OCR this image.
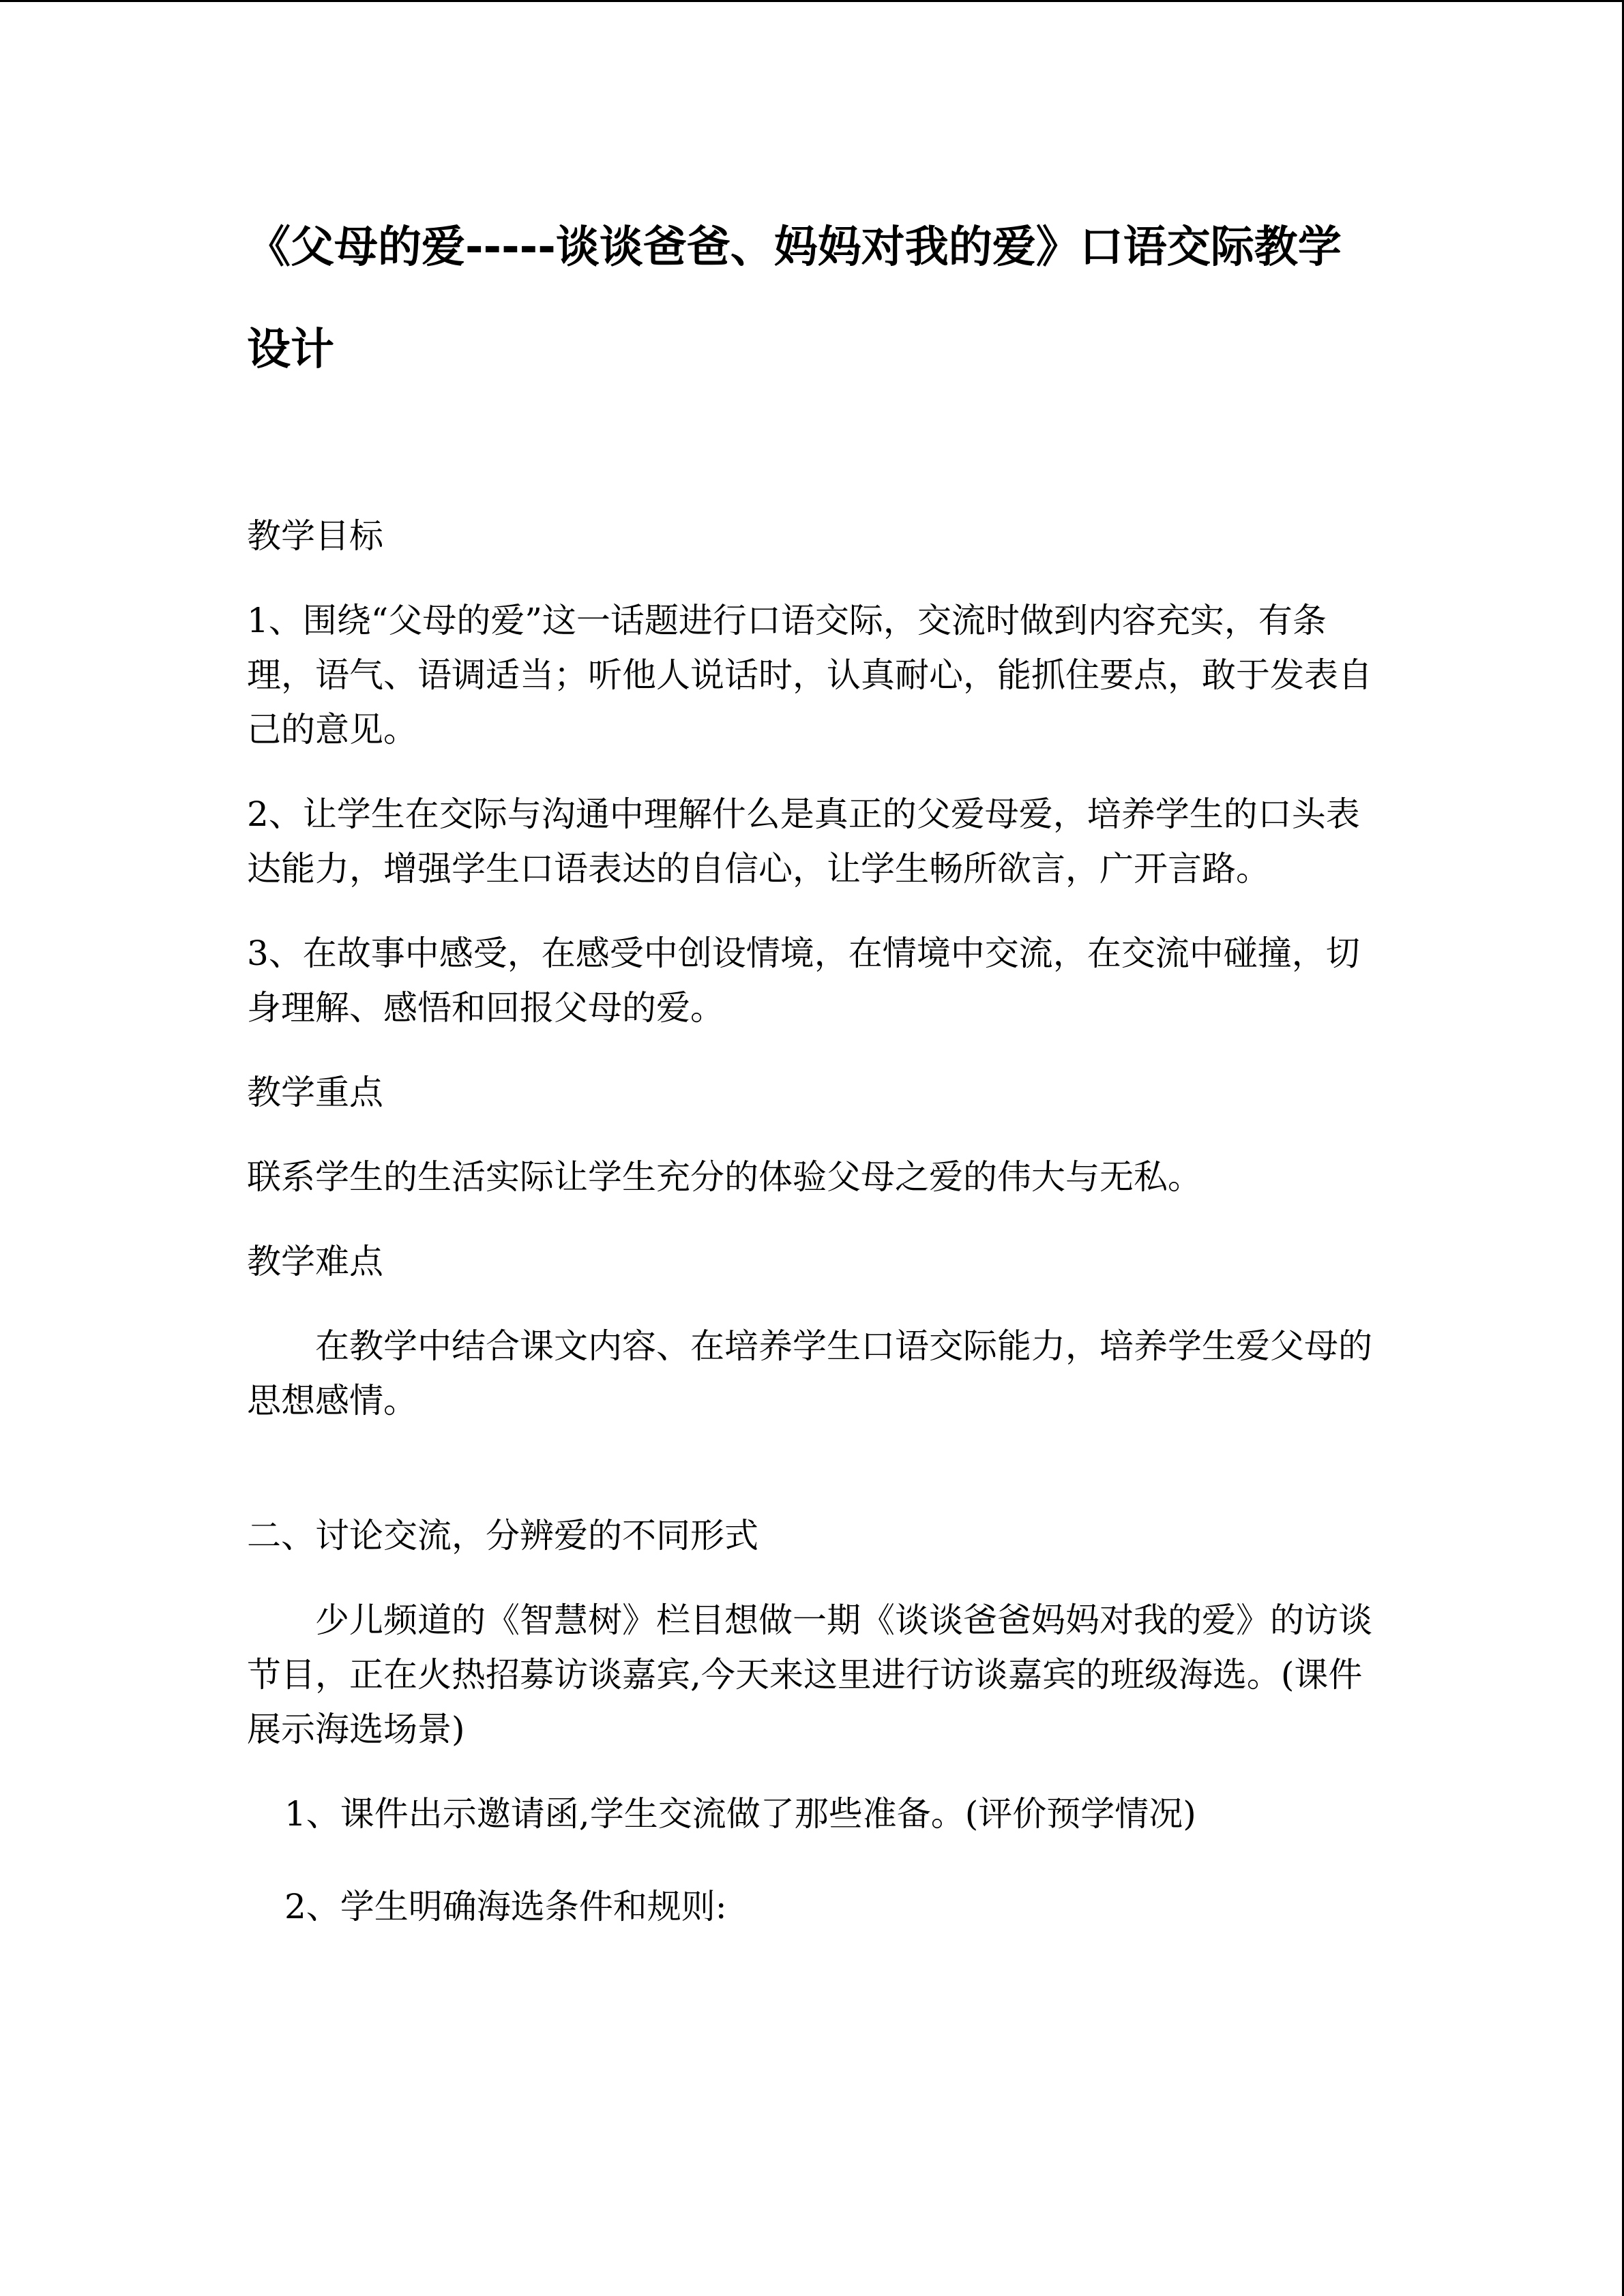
《父母的爱-----谈谈爸爸、妈妈对我的爱》口语交际教学设计

教学目标

1、围绕“父母的爱”这一话题进行口语交际，交流时做到内容充实，有条理，语气、语调适当；听他人说话时，认真耐心，能抓住要点，敢于发表自己的意见。

2、让学生在交际与沟通中理解什么是真正的父爱母爱，培养学生的口头表达能力，增强学生口语表达的自信心，让学生畅所欲言，广开言路。

3、在故事中感受，在感受中创设情境，在情境中交流，在交流中碰撞，切身理解、感悟和回报父母的爱。

教学重点

联系学生的生活实际让学生充分的体验父母之爱的伟大与无私。

教学难点

在教学中结合课文内容、在培养学生口语交际能力，培养学生爱父母的思想感情。

二、讨论交流，分辨爱的不同形式

少儿频道的《智慧树》栏目想做一期《谈谈爸爸妈妈对我的爱》的访谈节目，正在火热招募访谈嘉宾,今天来这里进行访谈嘉宾的班级海选。(课件展示海选场景)

1、课件出示邀请函,学生交流做了那些准备。(评价预学情况)

2、学生明确海选条件和规则:
